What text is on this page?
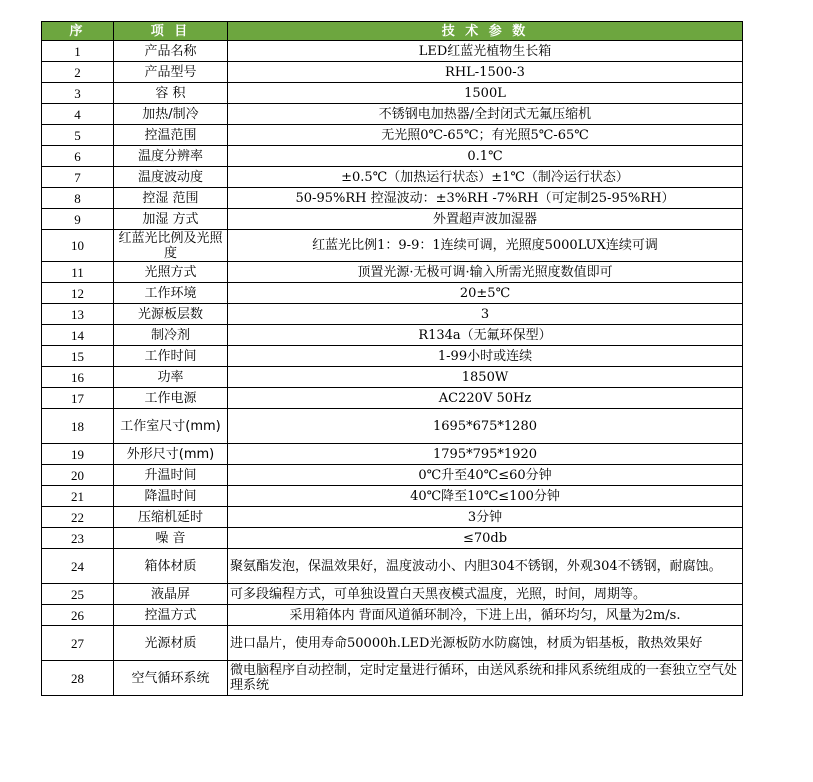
序	项 目	技 术 参 数
1	产品名称	LED红蓝光植物生长箱
2	产品型号	RHL-1500-3
3	容 积	1500L
4	加热/制冷	不锈钢电加热器/全封闭式无氟压缩机
5	控温范围	无光照0℃-65℃；有光照5℃-65℃
6	温度分辨率	0.1℃
7	温度波动度	±0.5℃（加热运行状态）±1℃（制冷运行状态）
8	控湿 范围	50-95%RH 控湿波动：±3%RH -7%RH（可定制25-95%RH）
9	加湿 方式	外置超声波加湿器
10	红蓝光比例及光照度	红蓝光比例1：9-9：1连续可调，光照度5000LUX连续可调
11	光照方式	顶置光源·无极可调·输入所需光照度数值即可
12	工作环境	20±5℃
13	光源板层数	3
14	制冷剂	R134a（无氟环保型）
15	工作时间	1-99小时或连续
16	功率	1850W
17	工作电源	AC220V 50Hz
18	工作室尺寸(mm)	1695*675*1280
19	外形尺寸(mm)	1795*795*1920
20	升温时间	0℃升至40℃≤60分钟
21	降温时间	40℃降至10℃≤100分钟
22	压缩机延时	3分钟
23	噪 音	≤70db
24	箱体材质	聚氨酯发泡，保温效果好，温度波动小、内胆304不锈钢，外观304不锈钢，耐腐蚀。
25	液晶屏	可多段编程方式，可单独设置白天黑夜模式温度，光照，时间，周期等。
26	控温方式	采用箱体内 背面风道循环制冷，下进上出，循环均匀，风量为2m/s.
27	光源材质	进口晶片，使用寿命50000h.LED光源板防水防腐蚀，材质为铝基板，散热效果好
28	空气循环系统	微电脑程序自动控制，定时定量进行循环，由送风系统和排风系统组成的一套独立空气处理系统
